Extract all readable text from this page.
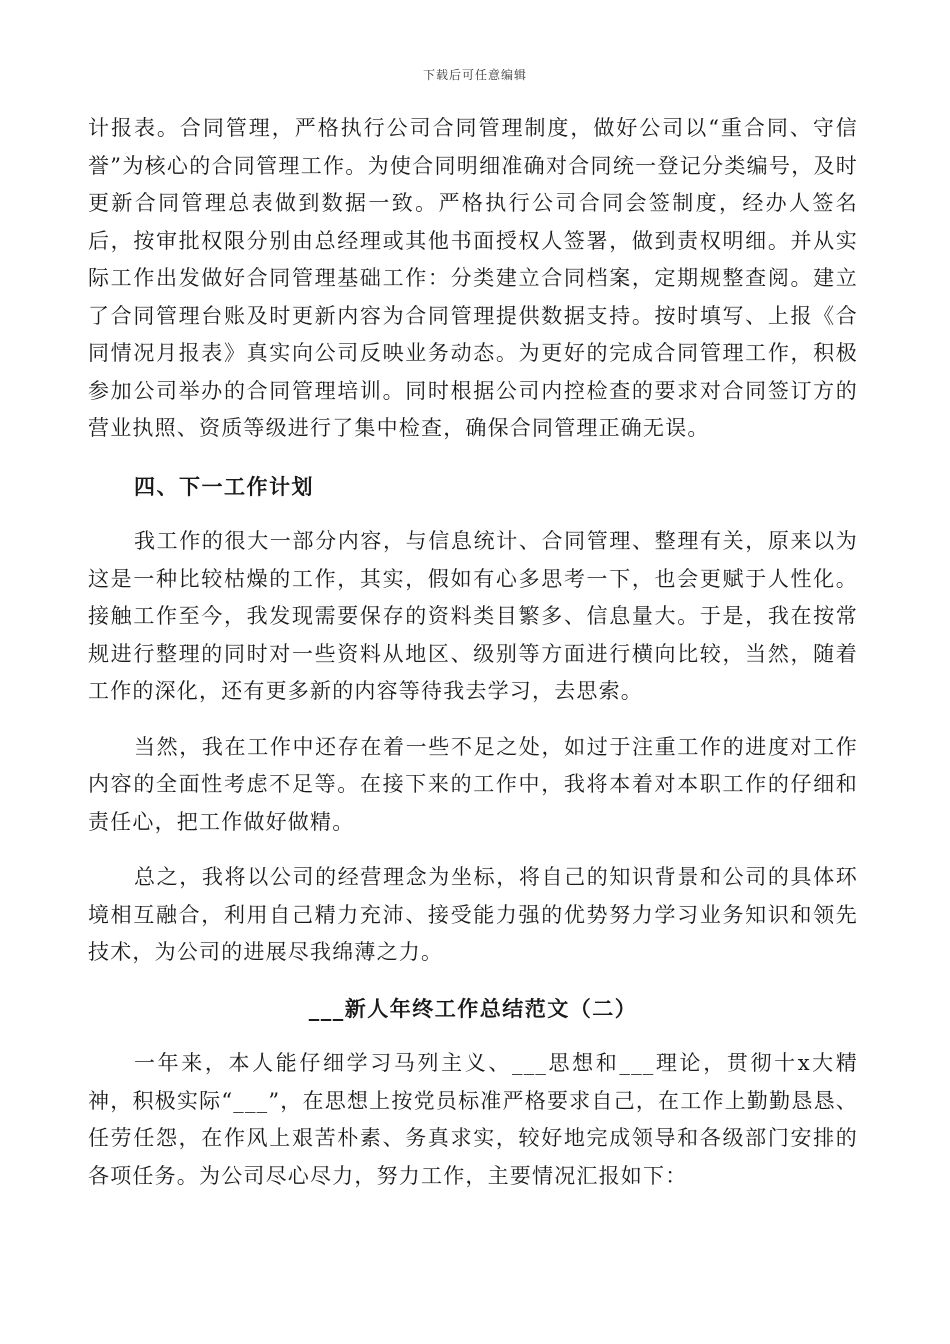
下载后可任意编辑

计报表。合同管理，严格执行公司合同管理制度，做好公司以“重合同、守信誉”为核心的合同管理工作。为使合同明细准确对合同统一登记分类编号，及时更新合同管理总表做到数据一致。严格执行公司合同会签制度，经办人签名后，按审批权限分别由总经理或其他书面授权人签署，做到责权明细。并从实际工作出发做好合同管理基础工作：分类建立合同档案，定期规整查阅。建立了合同管理台账及时更新内容为合同管理提供数据支持。按时填写、上报《合同情况月报表》真实向公司反映业务动态。为更好的完成合同管理工作，积极参加公司举办的合同管理培训。同时根据公司内控检查的要求对合同签订方的营业执照、资质等级进行了集中检查，确保合同管理正确无误。

四、下一工作计划

我工作的很大一部分内容，与信息统计、合同管理、整理有关，原来以为这是一种比较枯燥的工作，其实，假如有心多思考一下，也会更赋于人性化。接触工作至今，我发现需要保存的资料类目繁多、信息量大。于是，我在按常规进行整理的同时对一些资料从地区、级别等方面进行横向比较，当然，随着工作的深化，还有更多新的内容等待我去学习，去思索。

当然，我在工作中还存在着一些不足之处，如过于注重工作的进度对工作内容的全面性考虑不足等。在接下来的工作中，我将本着对本职工作的仔细和责任心，把工作做好做精。

总之，我将以公司的经营理念为坐标，将自己的知识背景和公司的具体环境相互融合，利用自己精力充沛、接受能力强的优势努力学习业务知识和领先技术，为公司的进展尽我绵薄之力。

___新人年终工作总结范文（二）

一年来，本人能仔细学习马列主义、___思想和___理论，贯彻十x大精神，积极实际“___”，在思想上按党员标准严格要求自己，在工作上勤勤恳恳、任劳任怨，在作风上艰苦朴素、务真求实，较好地完成领导和各级部门安排的各项任务。为公司尽心尽力，努力工作，主要情况汇报如下：
